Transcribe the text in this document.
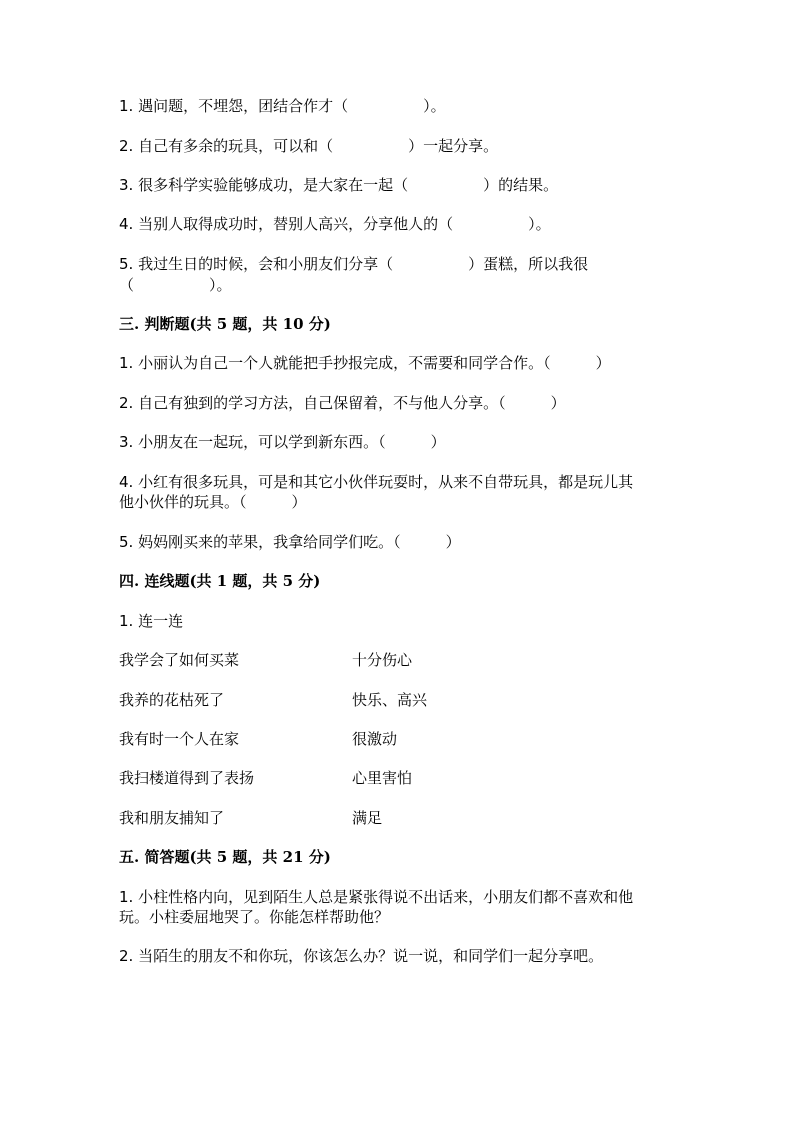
1. 遇问题，不埋怨，团结合作才（　　　　　）。
2. 自己有多余的玩具，可以和（　　　　　）一起分享。
3. 很多科学实验能够成功，是大家在一起（　　　　　）的结果。
4. 当别人取得成功时，替别人高兴，分享他人的（　　　　　）。
5. 我过生日的时候，会和小朋友们分享（　　　　　）蛋糕，所以我很
（　　　　　）。
三. 判断题(共 5 题，共 10 分)
1. 小丽认为自己一个人就能把手抄报完成，不需要和同学合作。（　　　）
2. 自己有独到的学习方法，自己保留着，不与他人分享。（　　　）
3. 小朋友在一起玩，可以学到新东西。（　　　）
4. 小红有很多玩具，可是和其它小伙伴玩耍时，从来不自带玩具，都是玩儿其
他小伙伴的玩具。（　　　）
5. 妈妈刚买来的苹果，我拿给同学们吃。（　　　）
四. 连线题(共 1 题，共 5 分)
1. 连一连
我学会了如何买菜	十分伤心
我养的花枯死了	快乐、高兴
我有时一个人在家	很激动
我扫楼道得到了表扬	心里害怕
我和朋友捕知了	满足
五. 简答题(共 5 题，共 21 分)
1. 小柱性格内向，见到陌生人总是紧张得说不出话来，小朋友们都不喜欢和他
玩。小柱委屈地哭了。你能怎样帮助他？
2. 当陌生的朋友不和你玩，你该怎么办？说一说，和同学们一起分享吧。
